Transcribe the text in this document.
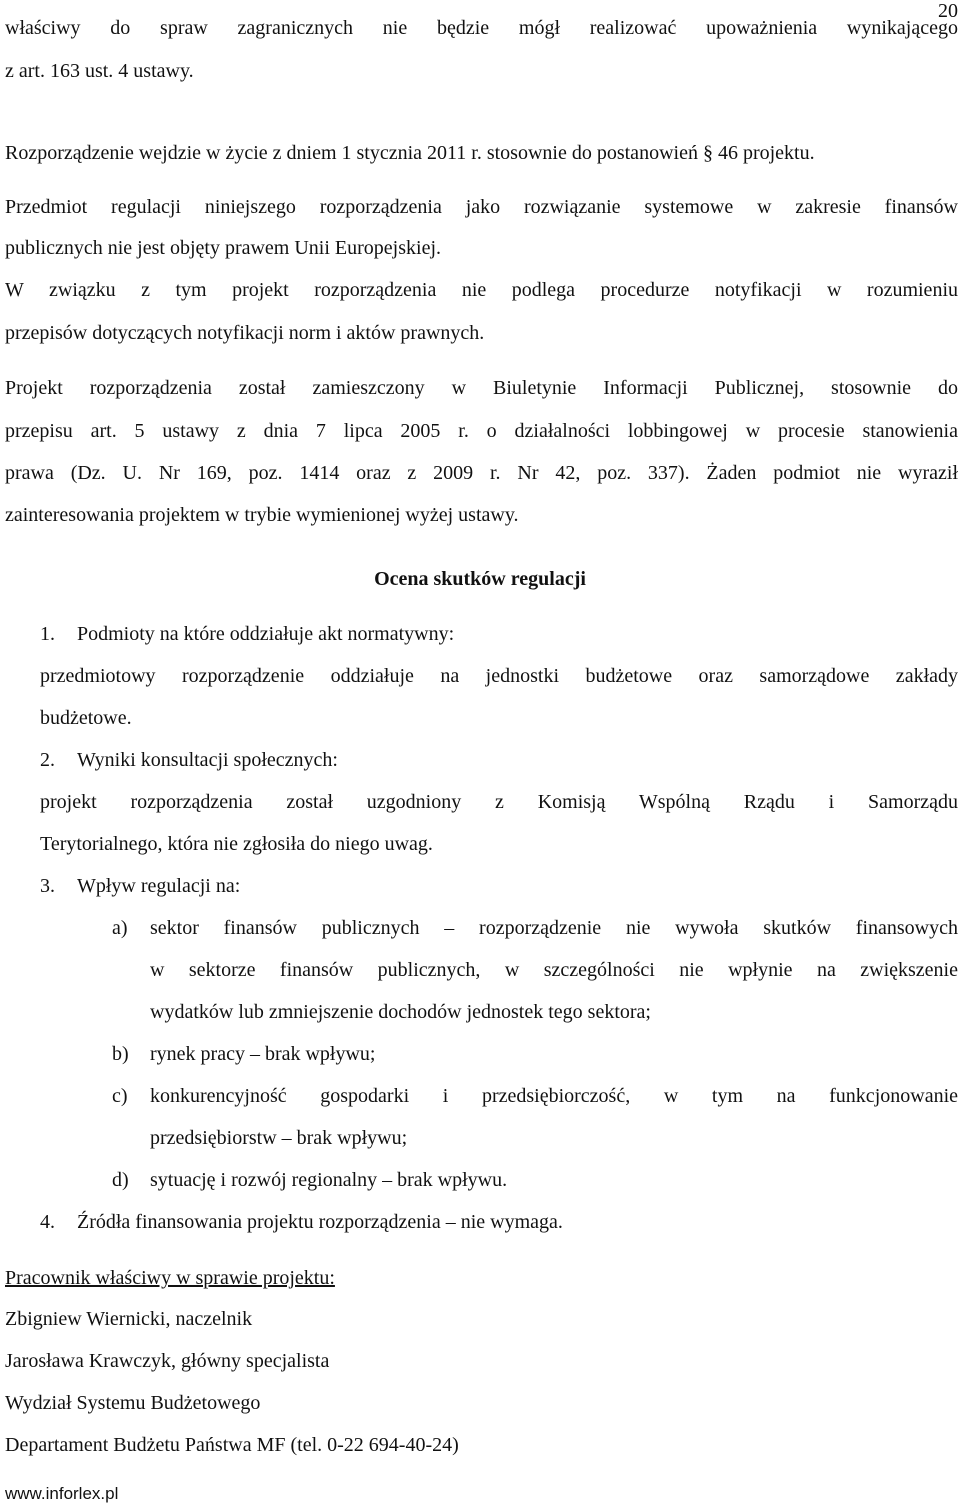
20
właściwy do spraw zagranicznych nie będzie mógł realizować upoważnienia wynikającego
z art. 163 ust. 4 ustawy.
Rozporządzenie wejdzie w życie z dniem 1 stycznia 2011 r. stosownie do postanowień § 46 projektu.
Przedmiot regulacji niniejszego rozporządzenia jako rozwiązanie systemowe w zakresie finansów
publicznych nie jest objęty prawem Unii Europejskiej.
W związku z tym projekt rozporządzenia nie podlega procedurze notyfikacji w rozumieniu
przepisów dotyczących notyfikacji norm i aktów prawnych.
Projekt rozporządzenia został zamieszczony w Biuletynie Informacji Publicznej, stosownie do
przepisu art. 5 ustawy z dnia 7 lipca 2005 r. o działalności lobbingowej w procesie stanowienia
prawa (Dz. U. Nr 169, poz. 1414 oraz z 2009 r. Nr 42, poz. 337). Żaden podmiot nie wyraził
zainteresowania projektem w trybie wymienionej wyżej ustawy.
Ocena skutków regulacji
1. Podmioty na które oddziałuje akt normatywny:
przedmiotowy rozporządzenie oddziałuje na jednostki budżetowe oraz samorządowe zakłady
budżetowe.
2. Wyniki konsultacji społecznych:
projekt rozporządzenia został uzgodniony z Komisją Wspólną Rządu i Samorządu
Terytorialnego, która nie zgłosiła do niego uwag.
3. Wpływ regulacji na:
a) sektor finansów publicznych – rozporządzenie nie wywoła skutków finansowych
w sektorze finansów publicznych, w szczególności nie wpłynie na zwiększenie
wydatków lub zmniejszenie dochodów jednostek tego sektora;
b) rynek pracy – brak wpływu;
c) konkurencyjność gospodarki i przedsiębiorczość, w tym na funkcjonowanie
przedsiębiorstw – brak wpływu;
d) sytuację i rozwój regionalny – brak wpływu.
4. Źródła finansowania projektu rozporządzenia – nie wymaga.
Pracownik właściwy w sprawie projektu:
Zbigniew Wiernicki, naczelnik
Jarosława Krawczyk, główny specjalista
Wydział Systemu Budżetowego
Departament Budżetu Państwa MF (tel. 0-22 694-40-24)
www.inforlex.pl
